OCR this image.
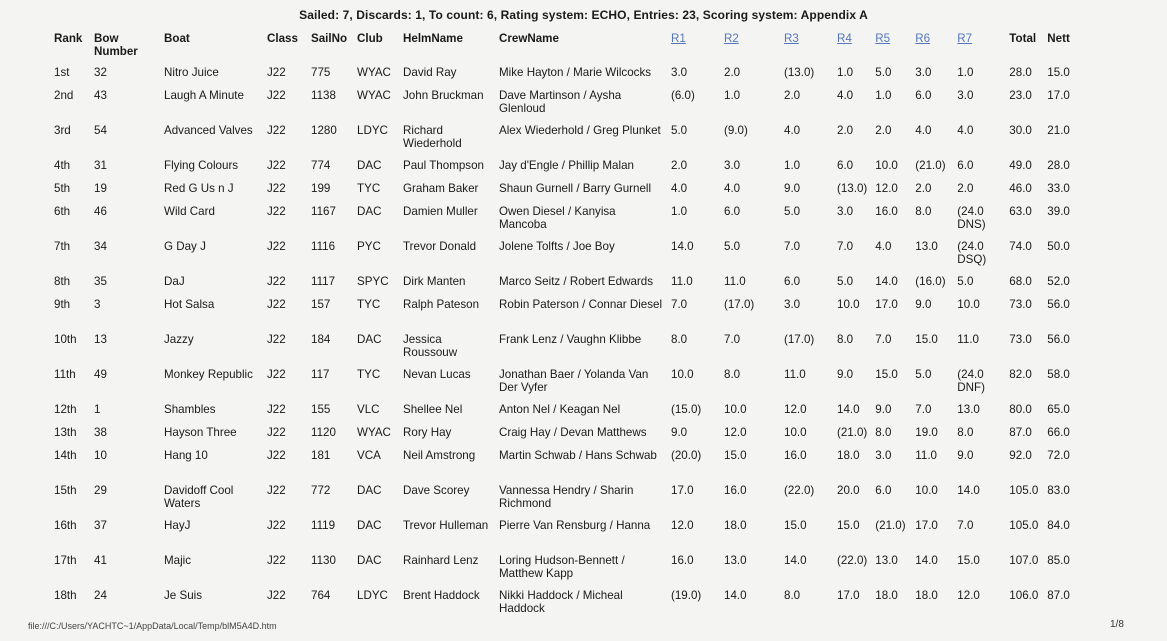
Sailed: 7, Discards: 1, To count: 6, Rating system: ECHO, Entries: 23, Scoring system: Appendix A
Rank	Bow Number	Boat	Class	SailNo	Club	HelmName	CrewName	R1	R2	R3	R4	R5	R6	R7	Total	Nett
1st	32	Nitro Juice	J22	775	WYAC	David Ray	Mike Hayton / Marie Wilcocks	3.0	2.0	(13.0)	1.0	5.0	3.0	1.0	28.0	15.0
2nd	43	Laugh A Minute	J22	1138	WYAC	John Bruckman	Dave Martinson / Aysha Glenloud	(6.0)	1.0	2.0	4.0	1.0	6.0	3.0	23.0	17.0
3rd	54	Advanced Valves	J22	1280	LDYC	Richard Wiederhold	Alex Wiederhold / Greg Plunket	5.0	(9.0)	4.0	2.0	2.0	4.0	4.0	30.0	21.0
4th	31	Flying Colours	J22	774	DAC	Paul Thompson	Jay d'Engle / Phillip Malan	2.0	3.0	1.0	6.0	10.0	(21.0)	6.0	49.0	28.0
5th	19	Red G Us n J	J22	199	TYC	Graham Baker	Shaun Gurnell / Barry Gurnell	4.0	4.0	9.0	(13.0)	12.0	2.0	2.0	46.0	33.0
6th	46	Wild Card	J22	1167	DAC	Damien Muller	Owen Diesel / Kanyisa Mancoba	1.0	6.0	5.0	3.0	16.0	8.0	(24.0 DNS)	63.0	39.0
7th	34	G Day J	J22	1116	PYC	Trevor Donald	Jolene Tolfts / Joe Boy	14.0	5.0	7.0	7.0	4.0	13.0	(24.0 DSQ)	74.0	50.0
8th	35	DaJ	J22	1117	SPYC	Dirk Manten	Marco Seitz / Robert Edwards	11.0	11.0	6.0	5.0	14.0	(16.0)	5.0	68.0	52.0
9th	3	Hot Salsa	J22	157	TYC	Ralph Pateson	Robin Paterson / Connar Diesel	7.0	(17.0)	3.0	10.0	17.0	9.0	10.0	73.0	56.0
10th	13	Jazzy	J22	184	DAC	Jessica Roussouw	Frank Lenz / Vaughn Klibbe	8.0	7.0	(17.0)	8.0	7.0	15.0	11.0	73.0	56.0
11th	49	Monkey Republic	J22	117	TYC	Nevan Lucas	Jonathan Baer / Yolanda Van Der Vyfer	10.0	8.0	11.0	9.0	15.0	5.0	(24.0 DNF)	82.0	58.0
12th	1	Shambles	J22	155	VLC	Shellee Nel	Anton Nel / Keagan Nel	(15.0)	10.0	12.0	14.0	9.0	7.0	13.0	80.0	65.0
13th	38	Hayson Three	J22	1120	WYAC	Rory Hay	Craig Hay / Devan Matthews	9.0	12.0	10.0	(21.0)	8.0	19.0	8.0	87.0	66.0
14th	10	Hang 10	J22	181	VCA	Neil Amstrong	Martin Schwab / Hans Schwab	(20.0)	15.0	16.0	18.0	3.0	11.0	9.0	92.0	72.0
15th	29	Davidoff Cool Waters	J22	772	DAC	Dave Scorey	Vannessa Hendry / Sharin Richmond	17.0	16.0	(22.0)	20.0	6.0	10.0	14.0	105.0	83.0
16th	37	HayJ	J22	1119	DAC	Trevor Hulleman	Pierre Van Rensburg / Hanna	12.0	18.0	15.0	15.0	(21.0)	17.0	7.0	105.0	84.0
17th	41	Majic	J22	1130	DAC	Rainhard Lenz	Loring Hudson-Bennett / Matthew Kapp	16.0	13.0	14.0	(22.0)	13.0	14.0	15.0	107.0	85.0
18th	24	Je Suis	J22	764	LDYC	Brent Haddock	Nikki Haddock / Micheal Haddock	(19.0)	14.0	8.0	17.0	18.0	18.0	12.0	106.0	87.0
file:///C:/Users/YACHTC~1/AppData/Local/Temp/blM5A4D.htm	1/8
